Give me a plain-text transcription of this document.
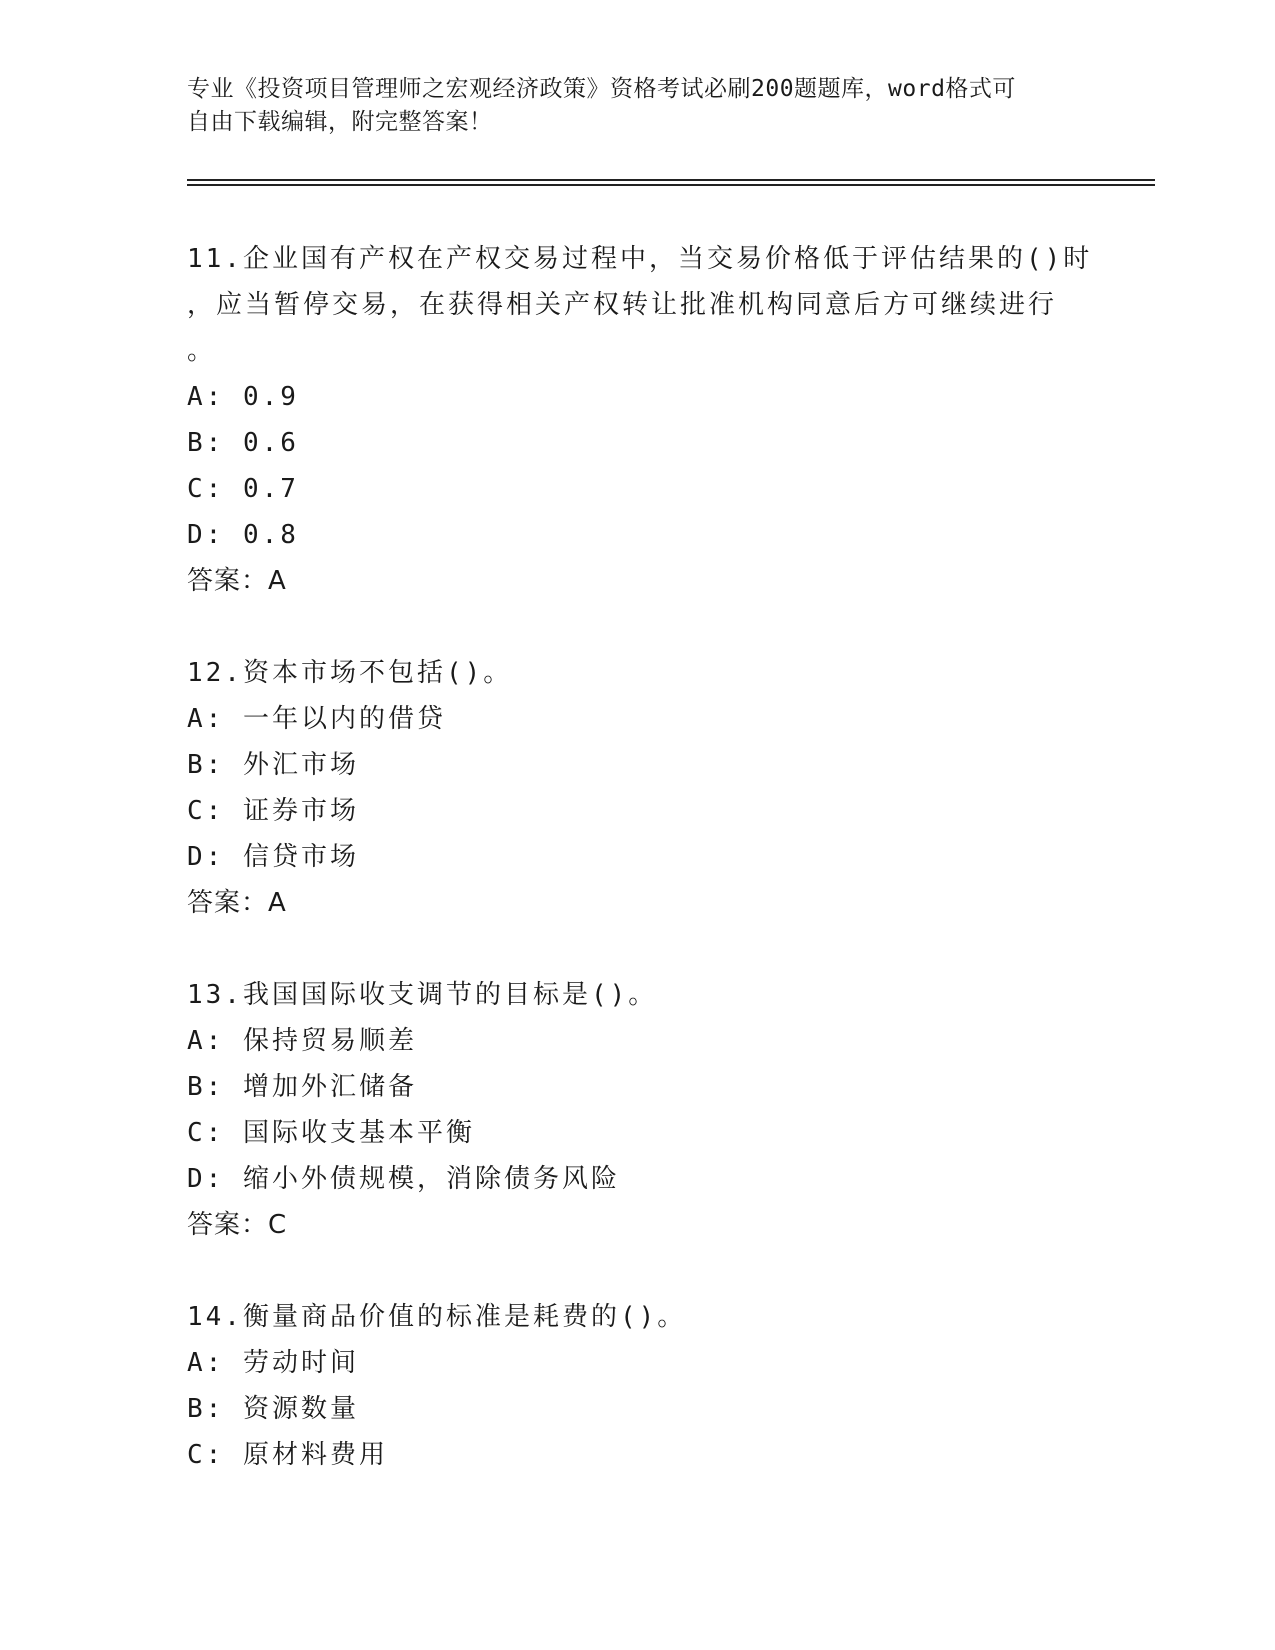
专业《投资项目管理师之宏观经济政策》资格考试必刷200题题库，word格式可
自由下载编辑，附完整答案！
11.企业国有产权在产权交易过程中，当交易价格低于评估结果的()时
，应当暂停交易，在获得相关产权转让批准机构同意后方可继续进行
。
A: 0.9
B: 0.6
C: 0.7
D: 0.8
答案：A
12.资本市场不包括()。
A: 一年以内的借贷
B: 外汇市场
C: 证券市场
D: 信贷市场
答案：A
13.我国国际收支调节的目标是()。
A: 保持贸易顺差
B: 增加外汇储备
C: 国际收支基本平衡
D: 缩小外债规模，消除债务风险
答案：C
14.衡量商品价值的标准是耗费的()。
A: 劳动时间
B: 资源数量
C: 原材料费用
